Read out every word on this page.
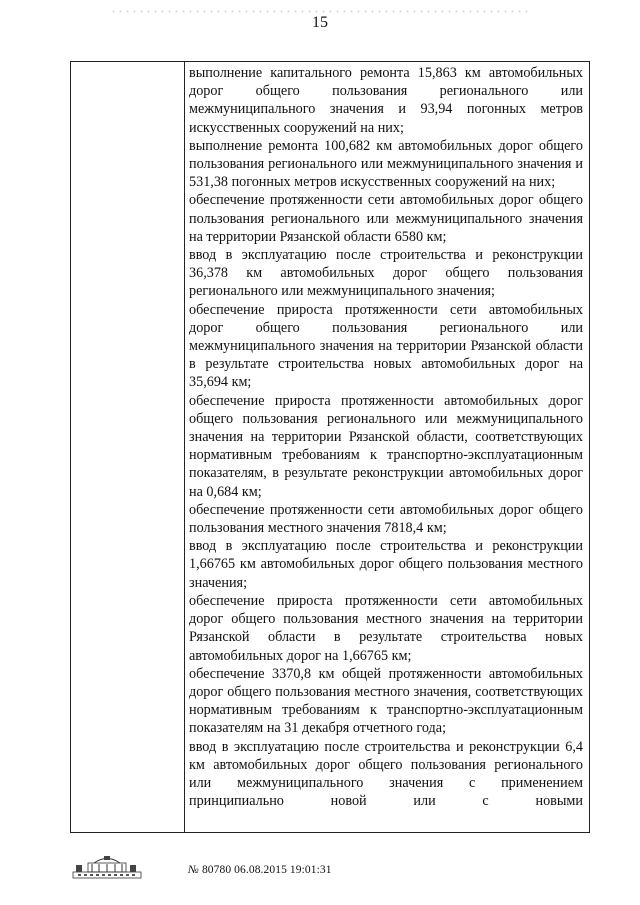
15

выполнение капитального ремонта 15,863 км автомобильных дорог общего пользования регионального или межмуниципального значения и 93,94 погонных метров искусственных сооружений на них;

выполнение ремонта 100,682 км автомобильных дорог общего пользования регионального или межмуниципального значения и 531,38 погонных метров искусственных сооружений на них;

обеспечение протяженности сети автомобильных дорог общего пользования регионального или межмуниципального значения на территории Рязанской области 6580 км;

ввод в эксплуатацию после строительства и реконструкции 36,378 км автомобильных дорог общего пользования регионального или межмуниципального значения;

обеспечение прироста протяженности сети автомобильных дорог общего пользования регионального или межмуниципального значения на территории Рязанской области в результате строительства новых автомобильных дорог на 35,694 км;

обеспечение прироста протяженности автомобильных дорог общего пользования регионального или межмуниципального значения на территории Рязанской области, соответствующих нормативным требованиям к транспортно-эксплуатационным показателям, в результате реконструкции автомобильных дорог на 0,684 км;

обеспечение протяженности сети автомобильных дорог общего пользования местного значения 7818,4 км;

ввод в эксплуатацию после строительства и реконструкции 1,66765 км автомобильных дорог общего пользования местного значения;

обеспечение прироста протяженности сети автомобильных дорог общего пользования местного значения на территории Рязанской области в результате строительства новых автомобильных дорог на 1,66765 км;

обеспечение 3370,8 км общей протяженности автомобильных дорог общего пользования местного значения, соответствующих нормативным требованиям к транспортно-эксплуатационным показателям на 31 декабря отчетного года;

ввод в эксплуатацию после строительства и реконструкции 6,4 км автомобильных дорог общего пользования регионального или межмуниципального значения с применением принципиально новой или с новыми

№ 80780 06.08.2015 19:01:31
